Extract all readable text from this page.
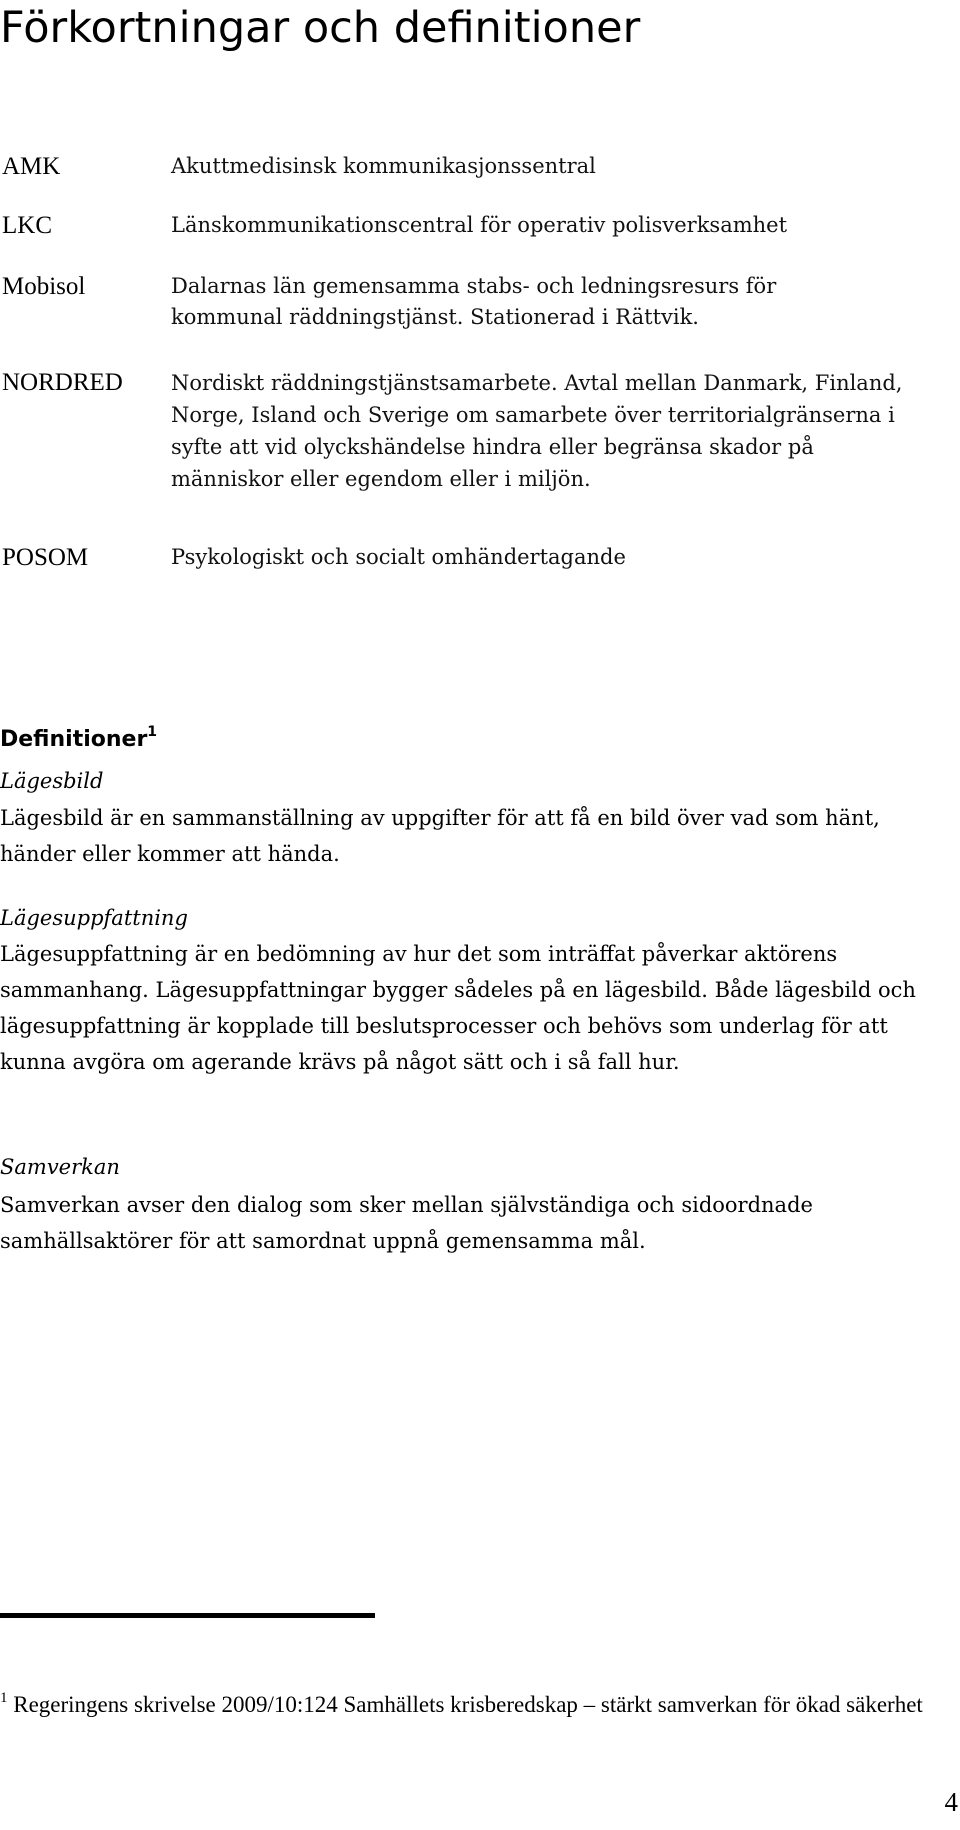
Förkortningar och definitioner
AMK	Akuttmedisinsk kommunikasjonssentral
LKC	Länskommunikationscentral för operativ polisverksamhet
Mobisol	Dalarnas län gemensamma stabs- och ledningsresurs för kommunal räddningstjänst. Stationerad i Rättvik.
NORDRED Nordiskt räddningstjänstsamarbete. Avtal mellan Danmark, Finland, Norge, Island och Sverige om samarbete över territorialgränserna i syfte att vid olyckshändelse hindra eller begränsa skador på människor eller egendom eller i miljön.
POSOM	Psykologiskt och socialt omhändertagande
Definitioner$^1$
Lägesbild

Lägesbild är en sammanställning av uppgifter för att få en bild över vad som hänt, händer eller kommer att hända.

Lägesuppfattning

Lägesuppfattning är en bedömning av hur det som inträffat påverkar aktörens sammanhang. Lägesuppfattningar bygger sådeles på en lägesbild. Både lägesbild och lägesuppfattning är kopplade till beslutsprocesser och behövs som underlag för att kunna avgöra om agerande krävs på något sätt och i så fall hur.

Samverkan

Samverkan avser den dialog som sker mellan självständiga och sidoordnade samhällsaktörer för att samordnat uppnå gemensamma mål.

$^1$ Regeringens skrivelse 2009/10:124 Samhällets krisberedskap – stärkt samverkan för ökad säkerhet

4
